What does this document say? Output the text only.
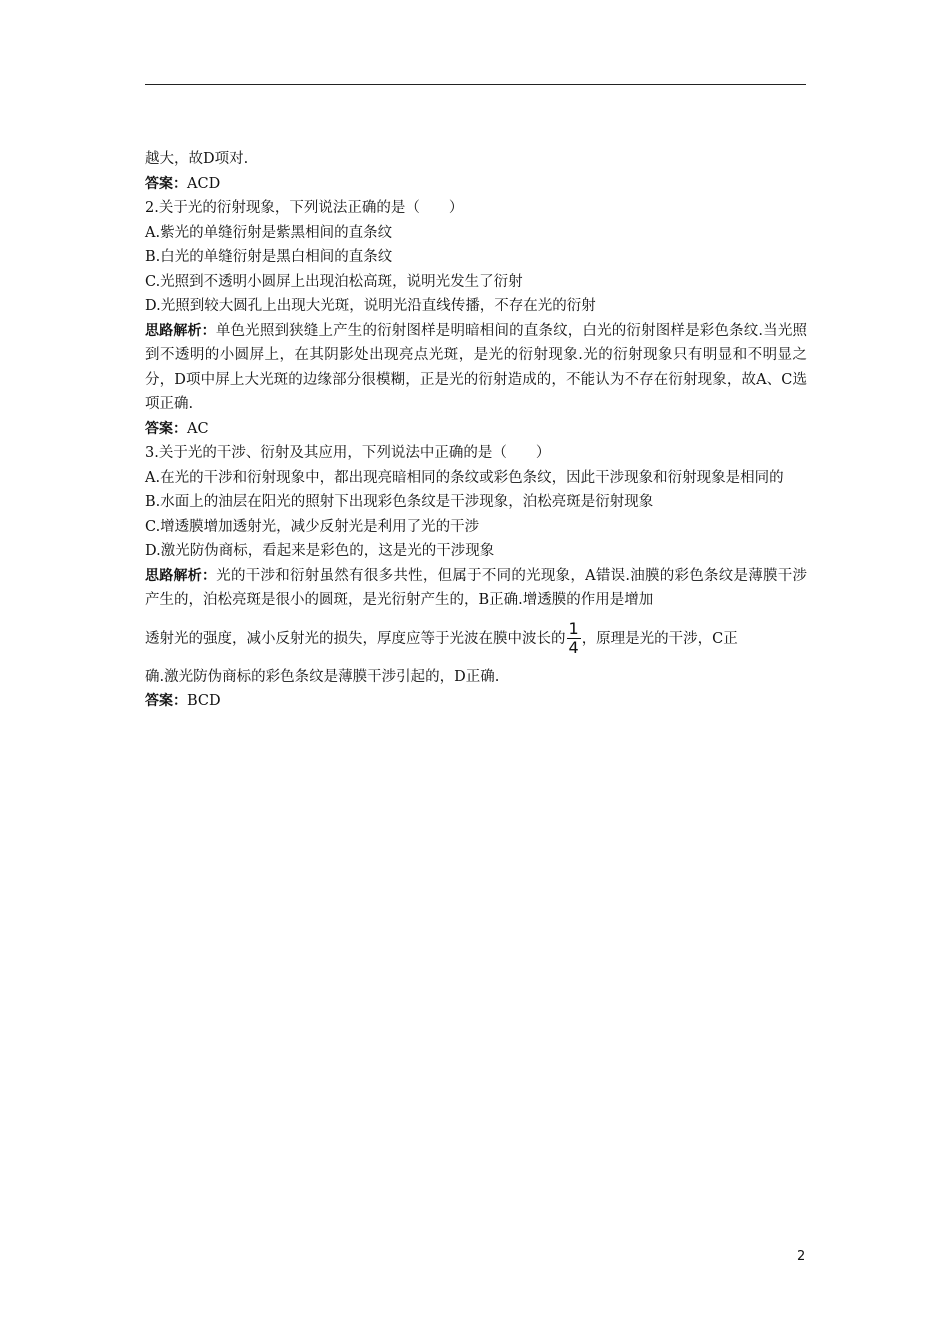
越大，故D项对.
答案：ACD
2.关于光的衍射现象，下列说法正确的是（　　）
A.紫光的单缝衍射是紫黑相间的直条纹
B.白光的单缝衍射是黑白相间的直条纹
C.光照到不透明小圆屏上出现泊松高斑，说明光发生了衍射
D.光照到较大圆孔上出现大光斑，说明光沿直线传播，不存在光的衍射
思路解析：单色光照到狭缝上产生的衍射图样是明暗相间的直条纹，白光的衍射图样是彩色条纹.当光照到不透明的小圆屏上，在其阴影处出现亮点光斑，是光的衍射现象.光的衍射现象只有明显和不明显之分，D项中屏上大光斑的边缘部分很模糊，正是光的衍射造成的，不能认为不存在衍射现象，故A、C选项正确.
答案：AC
3.关于光的干涉、衍射及其应用，下列说法中正确的是（　　）
A.在光的干涉和衍射现象中，都出现亮暗相同的条纹或彩色条纹，因此干涉现象和衍射现象是相同的
B.水面上的油层在阳光的照射下出现彩色条纹是干涉现象，泊松亮斑是衍射现象
C.增透膜增加透射光，减少反射光是利用了光的干涉
D.激光防伪商标，看起来是彩色的，这是光的干涉现象
思路解析：光的干涉和衍射虽然有很多共性，但属于不同的光现象，A错误.油膜的彩色条纹是薄膜干涉产生的，泊松亮斑是很小的圆斑，是光衍射产生的，B正确.增透膜的作用是增加
透射光的强度，减小反射光的损失，厚度应等于光波在膜中波长的 $\frac{1}{4}$ ，原理是光的干涉，C正
确.激光防伪商标的彩色条纹是薄膜干涉引起的，D正确.
答案：BCD
2
